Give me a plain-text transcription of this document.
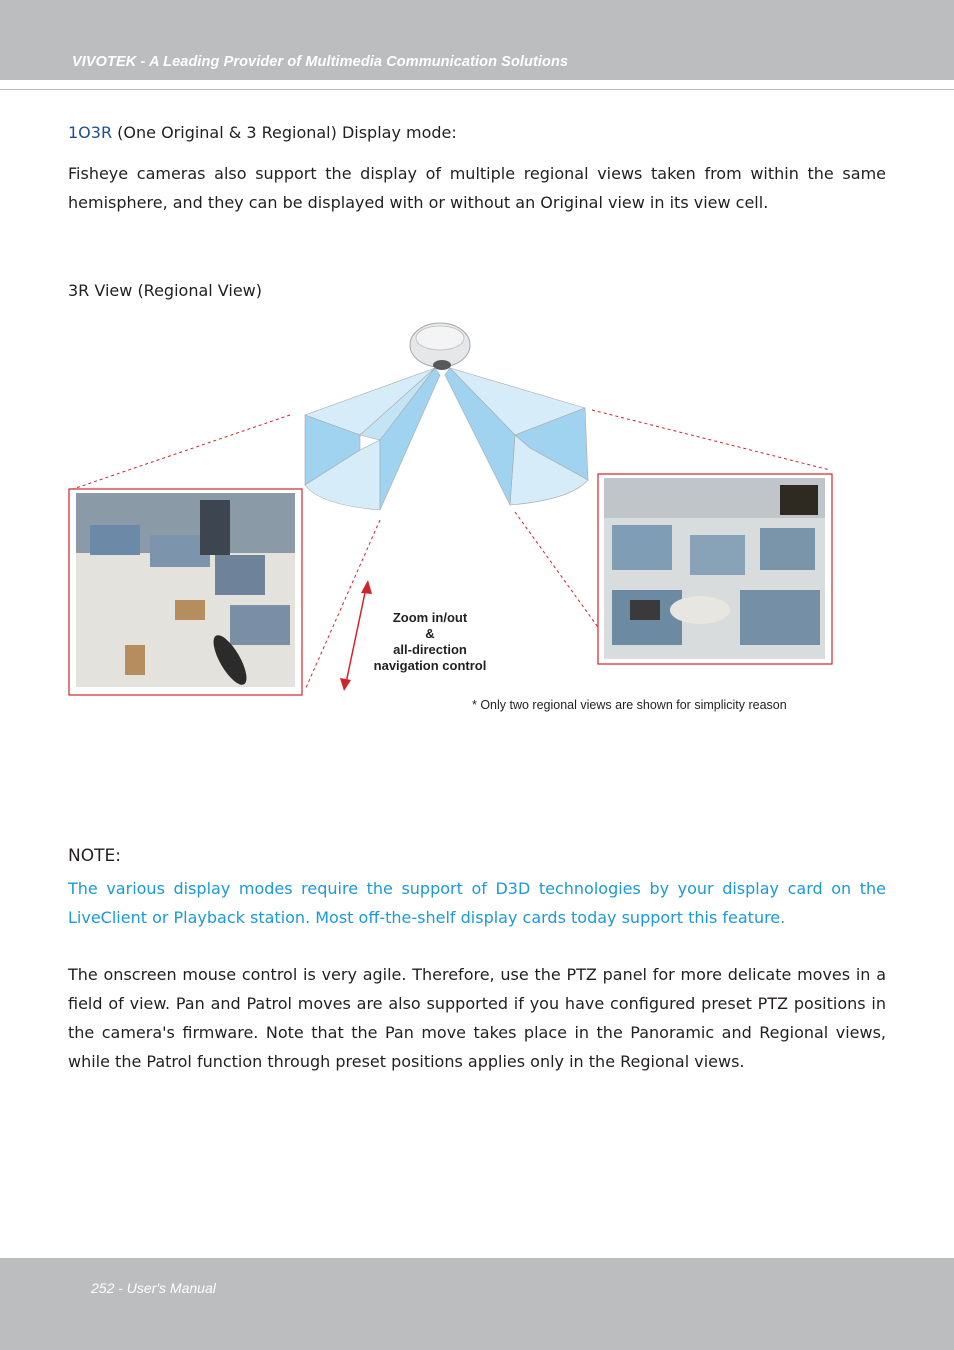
VIVOTEK - A Leading Provider of Multimedia Communication Solutions
1O3R (One Original & 3 Regional) Display mode:
Fisheye cameras also support the display of multiple regional views taken from within the same hemisphere, and they can be displayed with or without an Original view in its view cell.
3R View (Regional View)
Zoom in/out
&
all-direction
navigation control
* Only two regional views are shown for simplicity reason
NOTE:
The various display modes require the support of D3D technologies by your display card on the LiveClient or Playback station. Most off-the-shelf display cards today support this feature.
The onscreen mouse control is very agile. Therefore, use the PTZ panel for more delicate moves in a field of view. Pan and Patrol moves are also supported if you have configured preset PTZ positions in the camera's firmware. Note that the Pan move takes place in the Panoramic and Regional views, while the Patrol function through preset positions applies only in the Regional views.
252 - User's Manual
